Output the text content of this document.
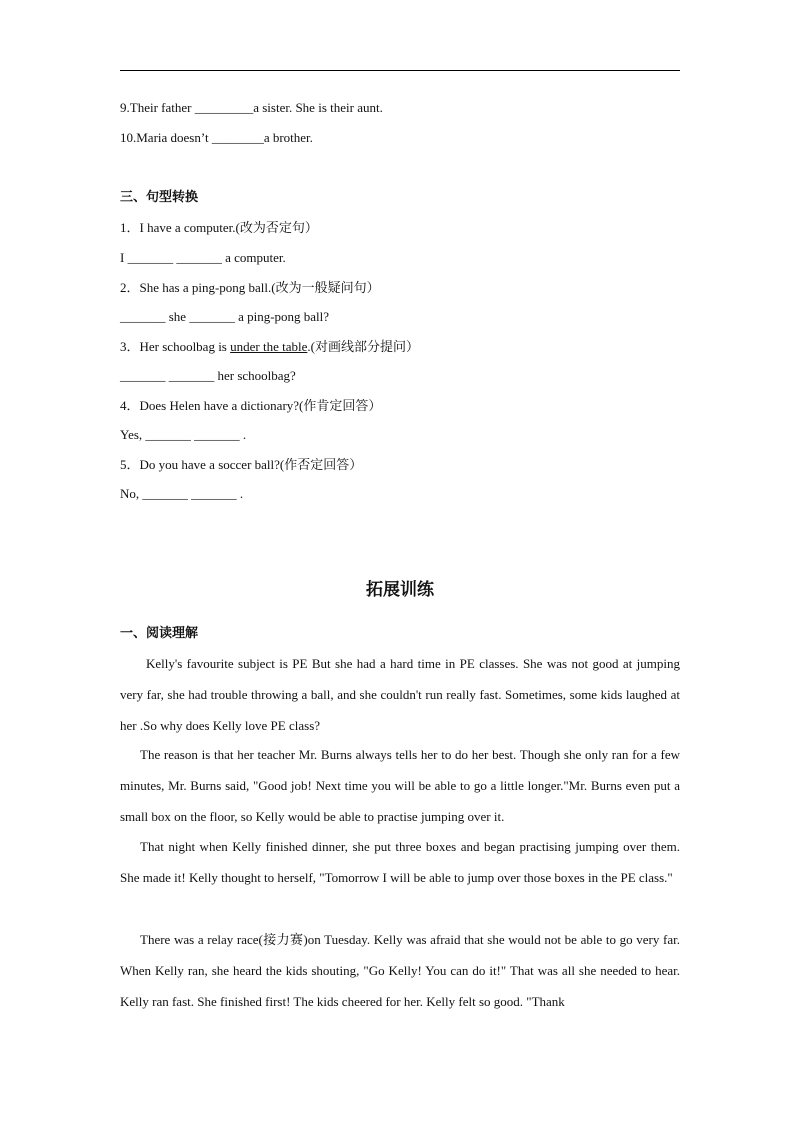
9.Their father _________a sister. She is their aunt.
10.Maria doesn’t ________a brother.
三、句型转换
1．I have a computer.(改为否定句）
I _______ _______ a computer.
2．She has a ping-pong ball.(改为一般疑问句）
_______ she _______ a ping-pong ball?
3．Her schoolbag is under the table.(对画线部分提问）
_______ _______ her schoolbag?
4．Does Helen have a dictionary?(作肯定回答）
Yes, _______ _______ .
5．Do you have a soccer ball?(作否定回答）
No, _______ _______ .
拓展训练
一、阅读理解
Kelly's favourite subject is PE But she had a hard time in PE classes. She was not good at jumping very far, she had trouble throwing a ball, and she couldn't run really fast. Sometimes, some kids laughed at her .So why does Kelly love PE class?
The reason is that her teacher Mr. Burns always tells her to do her best. Though she only ran for a few minutes, Mr. Burns said, "Good job! Next time you will be able to go a little longer."Mr. Burns even put a small box on the floor, so Kelly would be able to practise jumping over it.
That night when Kelly finished dinner, she put three boxes and began practising jumping over them. She made it! Kelly thought to herself, "Tomorrow I will be able to jump over those boxes in the PE class."
There was a relay race(接力赛)on Tuesday. Kelly was afraid that she would not be able to go very far. When Kelly ran, she heard the kids shouting, "Go Kelly! You can do it!" That was all she needed to hear. Kelly ran fast. She finished first! The kids cheered for her. Kelly felt so good. "Thank
